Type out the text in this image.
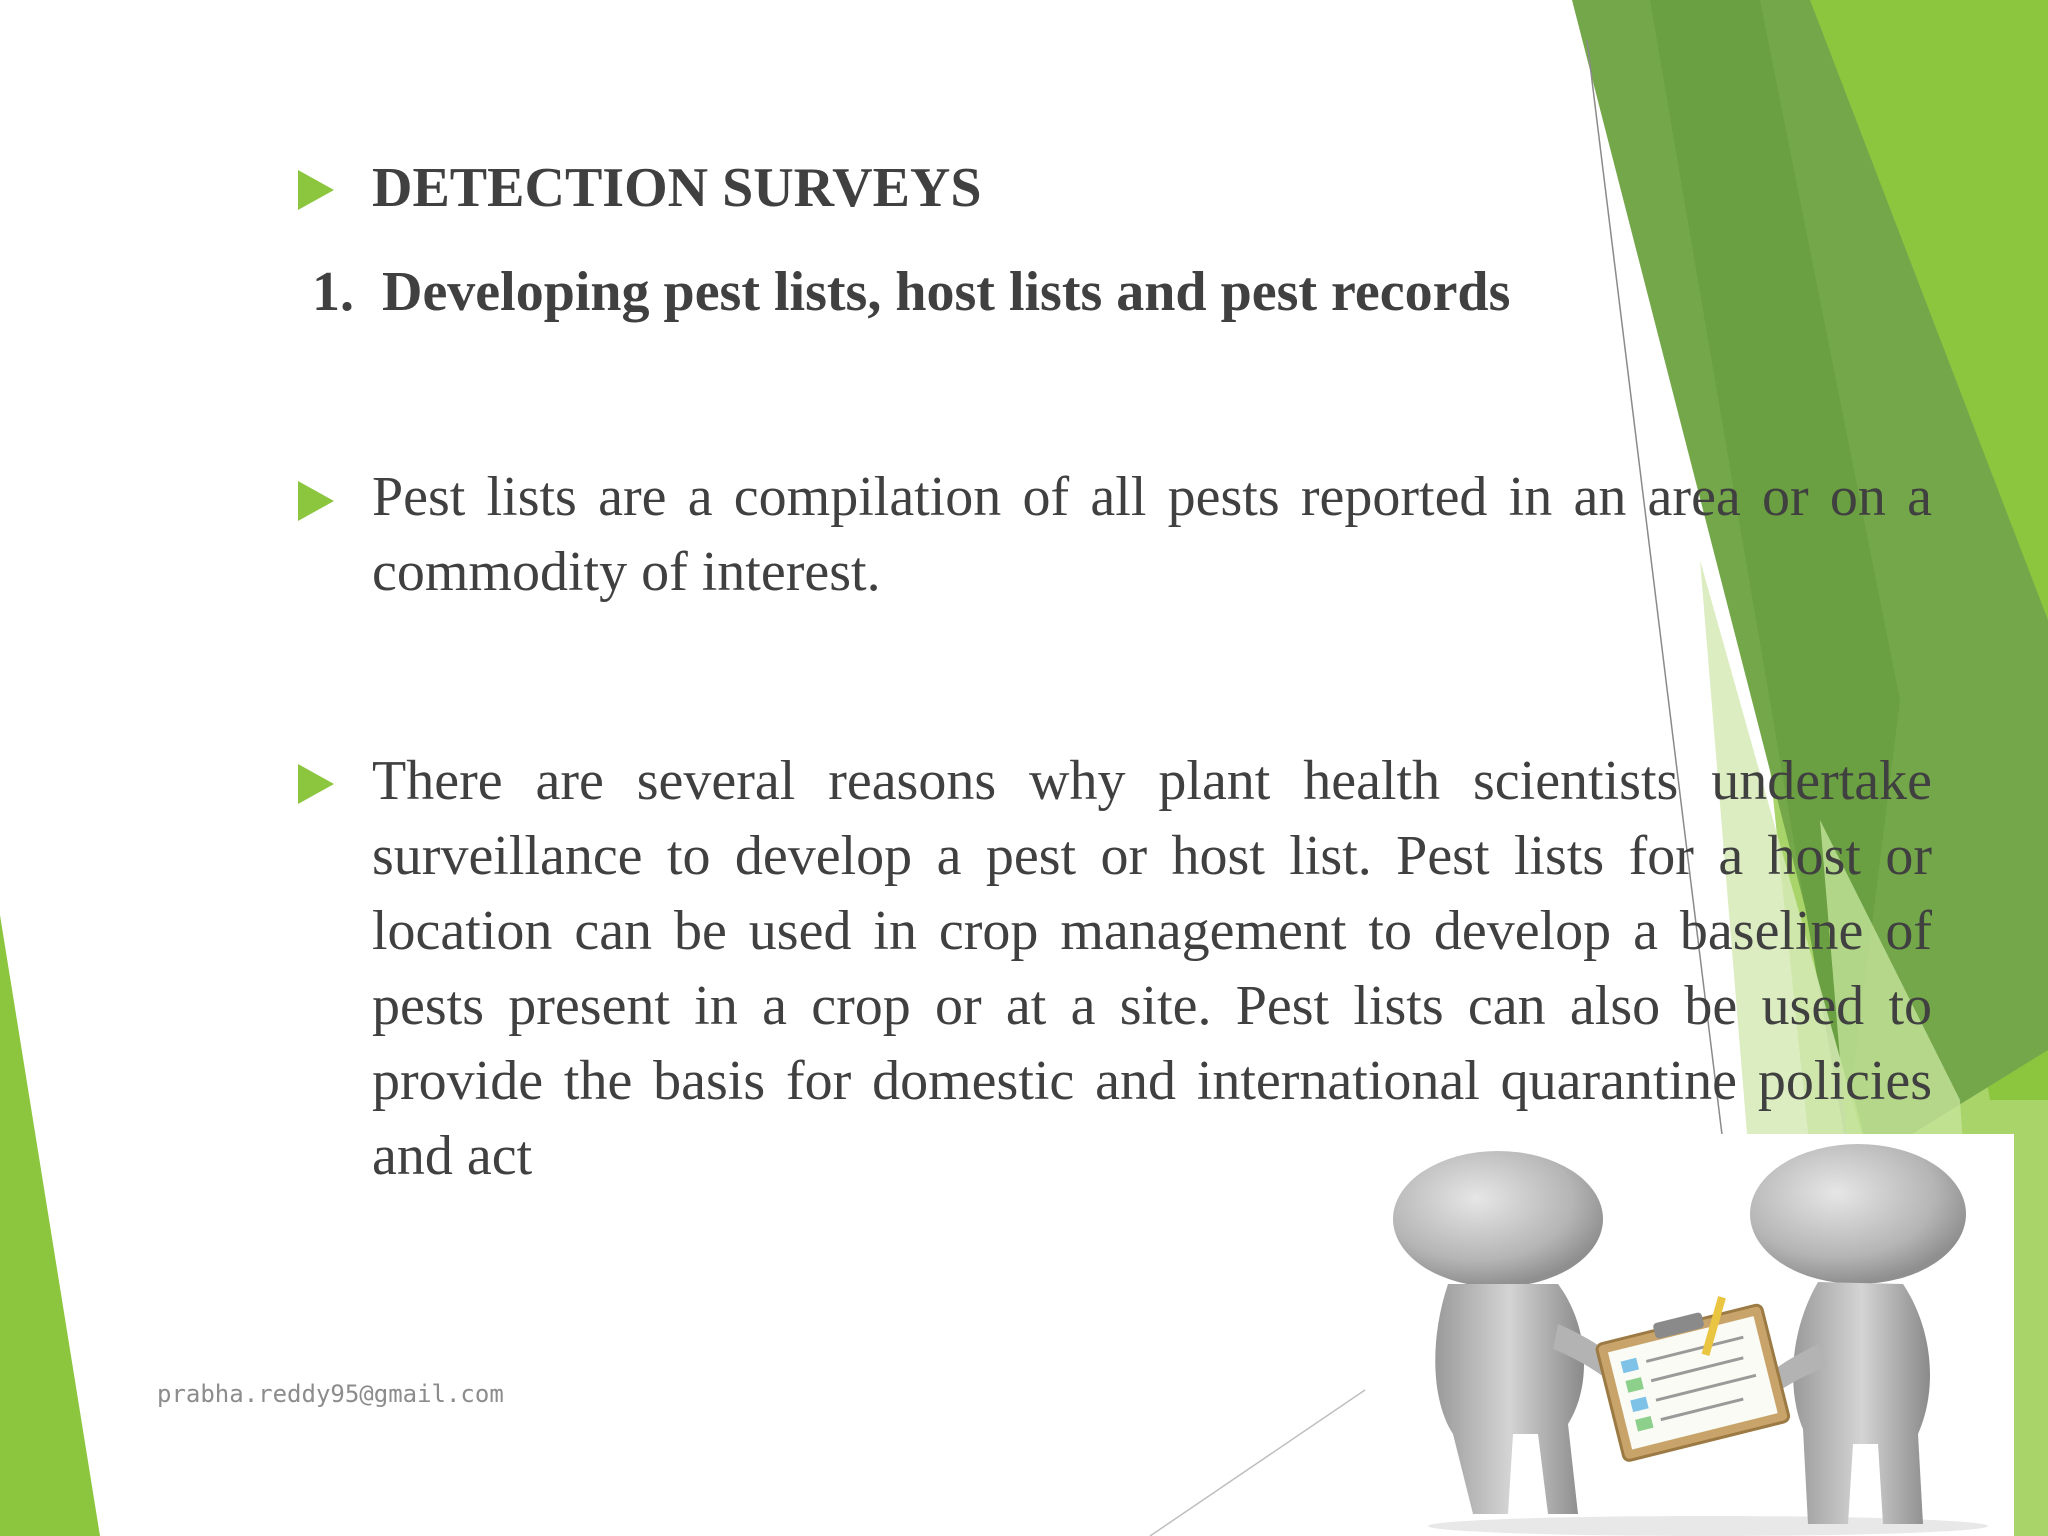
DETECTION SURVEYS
1.  Developing pest lists, host lists and pest records
Pest lists are a compilation of all pests reported in an area or on a commodity of interest.
There are several reasons why plant health scientists undertake surveillance to develop a pest or host list. Pest lists for a host or location can be used in crop management to develop a baseline of pests present in a crop or at a site. Pest lists can also be used to provide the basis for domestic and international quarantine policies and act
prabha.reddy95@gmail.com
